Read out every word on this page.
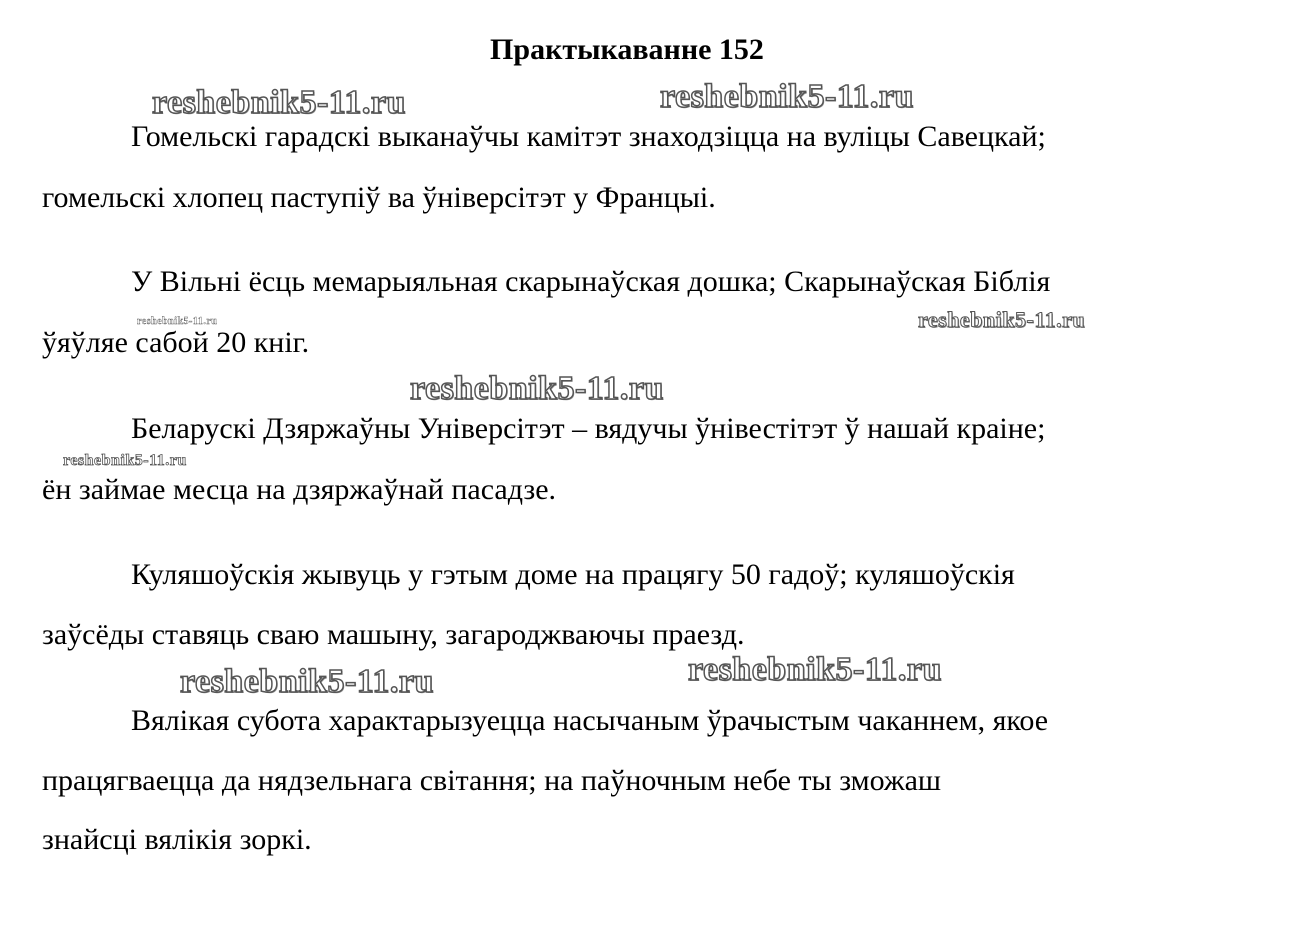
Практыкаванне 152

Гомельскі гарадскі выканаўчы камітэт знаходзіцца на вуліцы Савецкай;

гомельскі хлопец паступіў ва ўніверсітэт у Францыі.

У Вільні ёсць мемарыяльная скарынаўская дошка; Скарынаўская Біблія

ўяўляе сабой 20 кніг.

Беларускі Дзяржаўны Універсітэт – вядучы ўнівестітэт ў нашай краіне;

ён займае месца на дзяржаўнай пасадзе.

Куляшоўскія жывуць у гэтым доме на працягу 50 гадоў; куляшоўскія

заўсёды ставяць сваю машыну, загароджваючы праезд.

Вялікая субота характарызуецца насычаным ўрачыстым чаканнем, якое

працягваецца да нядзельнага світання; на паўночным небе ты зможаш

знайсці вялікія зоркі.

reshebnik5-11.ru	reshebnik5-11.ru
reshebnik5-11.ru	reshebnik5-11.ru
reshebnik5-11.ru
reshebnik5-11.ru
reshebnik5-11.ru	reshebnik5-11.ru
